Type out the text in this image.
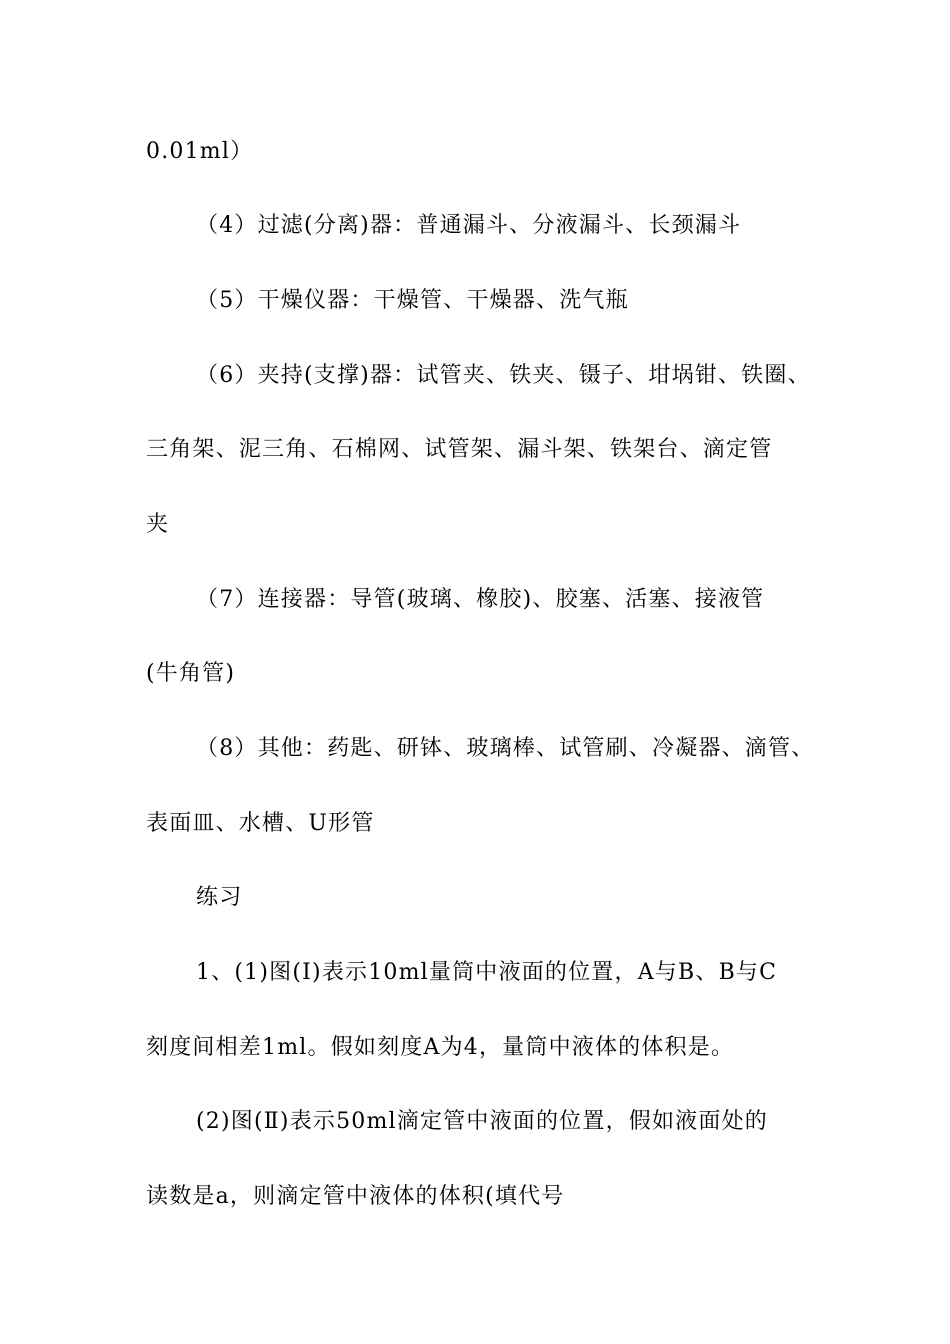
0.01ml）
（4）过滤(分离)器：普通漏斗、分液漏斗、长颈漏斗
（5）干燥仪器：干燥管、干燥器、洗气瓶
（6）夹持(支撑)器：试管夹、铁夹、镊子、坩埚钳、铁圈、
三角架、泥三角、石棉网、试管架、漏斗架、铁架台、滴定管
夹
（7）连接器：导管(玻璃、橡胶)、胶塞、活塞、接液管
(牛角管)
（8）其他：药匙、研钵、玻璃棒、试管刷、冷凝器、滴管、
表面皿、水槽、U形管
练习
1、(1)图(Ⅰ)表示10ml量筒中液面的位置，A与B、B与C
刻度间相差1ml。假如刻度A为4，量筒中液体的体积是。
(2)图(Ⅱ)表示50ml滴定管中液面的位置，假如液面处的
读数是a，则滴定管中液体的体积(填代号
